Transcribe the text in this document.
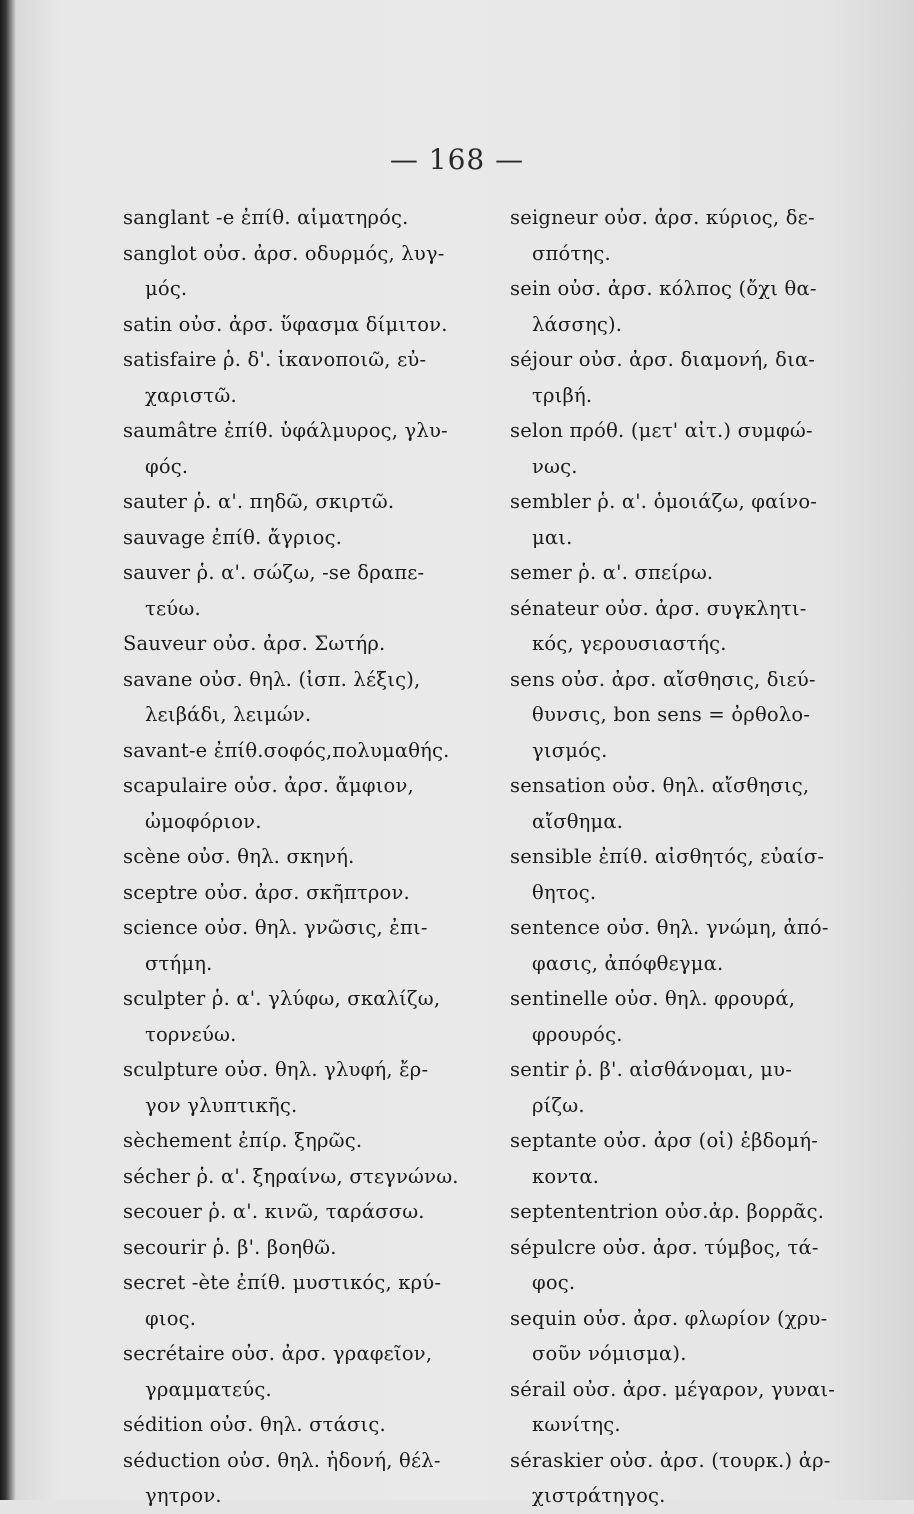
— 168 —
sanglant -e ἐπίθ. αἱματηρός.
sanglot οὐσ. ἀρσ. οδυρμός, λυγ-
μός.
satin οὐσ. ἀρσ. ὕφασμα δίμιτον.
satisfaire ῥ. δ'. ἱκανοποιῶ, εὐ-
χαριστῶ.
saumâtre ἐπίθ. ὑφάλμυρος, γλυ-
φός.
sauter ῥ. α'. πηδῶ, σκιρτῶ.
sauvage ἐπίθ. ἄγριος.
sauver ῥ. α'. σώζω, -se δραπε-
τεύω.
Sauveur οὐσ. ἀρσ. Σωτήρ.
savane οὐσ. θηλ. (ἰσπ. λέξις),
λειβάδι, λειμών.
savant-e ἐπίθ.σοφός,πολυμαθής.
scapulaire οὐσ. ἀρσ. ἄμφιον,
ὠμοφόριον.
scène οὐσ. θηλ. σκηνή.
sceptre οὐσ. ἀρσ. σκῆπτρον.
science οὐσ. θηλ. γνῶσις, ἐπι-
στήμη.
sculpter ῥ. α'. γλύφω, σκαλίζω,
τορνεύω.
sculpture οὐσ. θηλ. γλυφή, ἔρ-
γον γλυπτικῆς.
sèchement ἐπίρ. ξηρῶς.
sécher ῥ. α'. ξηραίνω, στεγνώνω.
secouer ῥ. α'. κινῶ, ταράσσω.
secourir ῥ. β'. βοηθῶ.
secret -ète ἐπίθ. μυστικός, κρύ-
φιος.
secrétaire οὐσ. ἀρσ. γραφεῖον,
γραμματεύς.
sédition οὐσ. θηλ. στάσις.
séduction οὐσ. θηλ. ἡδονή, θέλ-
γητρον.
seigneur οὐσ. ἀρσ. κύριος, δε-
σπότης.
sein οὐσ. ἀρσ. κόλπος (ὄχι θα-
λάσσης).
séjour οὐσ. ἀρσ. διαμονή, δια-
τριβή.
selon πρόθ. (μετ' αἰτ.) συμφώ-
νως.
sembler ῥ. α'. ὁμοιάζω, φαίνο-
μαι.
semer ῥ. α'. σπείρω.
sénateur οὐσ. ἀρσ. συγκλητι-
κός, γερουσιαστής.
sens οὐσ. ἀρσ. αἴσθησις, διεύ-
θυνσις, bon sens = ὀρθολο-
γισμός.
sensation οὐσ. θηλ. αἴσθησις,
αἴσθημα.
sensible ἐπίθ. αἰσθητός, εὐαίσ-
θητος.
sentence οὐσ. θηλ. γνώμη, ἀπό-
φασις, ἀπόφθεγμα.
sentinelle οὐσ. θηλ. φρουρά,
φρουρός.
sentir ῥ. β'. αἰσθάνομαι, μυ-
ρίζω.
septante οὐσ. ἀρσ (οἱ) ἑβδομή-
κοντα.
septententrion οὐσ.ἀρ. βορρᾶς.
sépulcre οὐσ. ἀρσ. τύμβος, τά-
φος.
sequin οὐσ. ἀρσ. φλωρίον (χρυ-
σοῦν νόμισμα).
sérail οὐσ. ἀρσ. μέγαρον, γυναι-
κωνίτης.
séraskier οὐσ. ἀρσ. (τουρκ.) ἀρ-
χιστράτηγος.
